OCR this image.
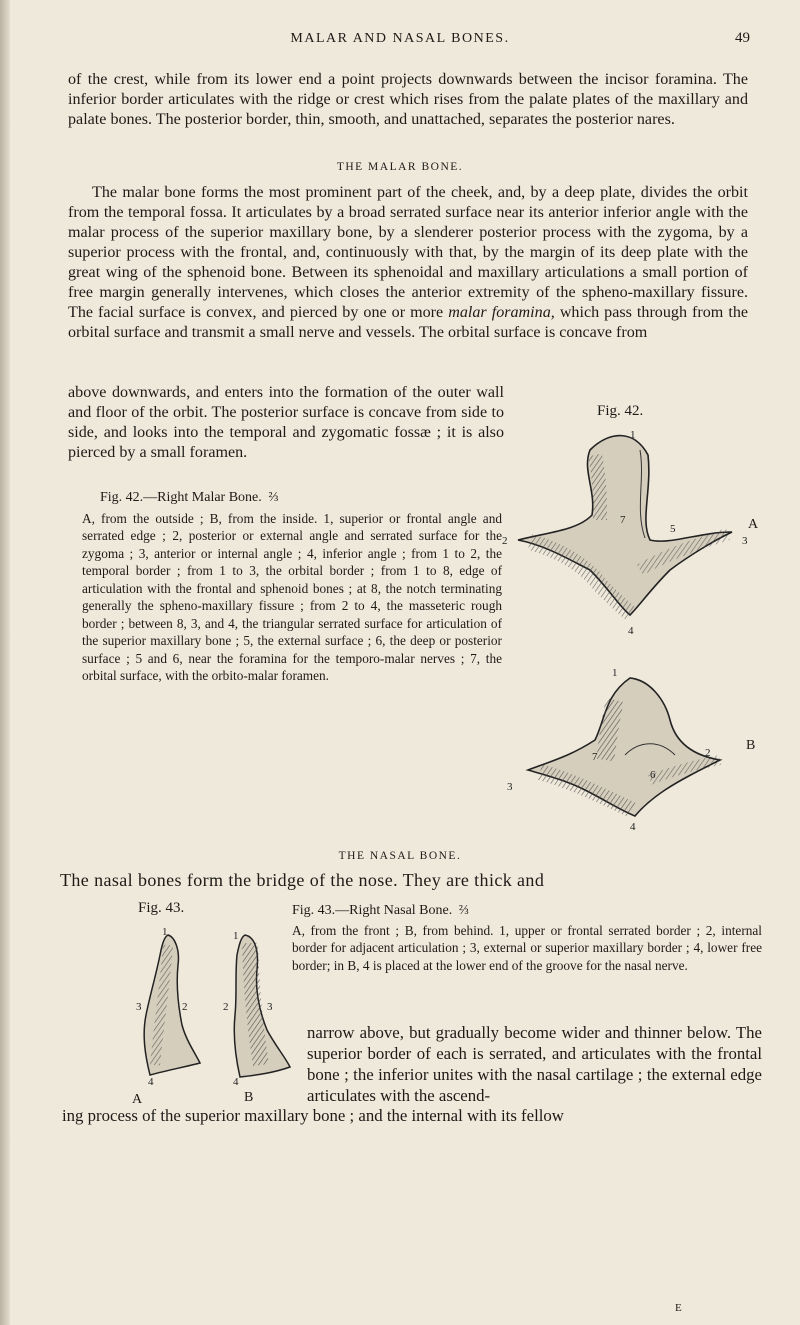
MALAR AND NASAL BONES.	49

of the crest, while from its lower end a point projects downwards between the incisor foramina. The inferior border articulates with the ridge or crest which rises from the palate plates of the maxillary and palate bones. The posterior border, thin, smooth, and unattached, separates the posterior nares.

THE MALAR BONE.

The malar bone forms the most prominent part of the cheek, and, by a deep plate, divides the orbit from the temporal fossa. It articulates by a broad serrated surface near its anterior inferior angle with the malar process of the superior maxillary bone, by a slenderer posterior process with the zygoma, by a superior process with the frontal, and, continuously with that, by the margin of its deep plate with the great wing of the sphenoid bone. Between its sphenoidal and maxillary articulations a small portion of free margin generally intervenes, which closes the anterior extremity of the spheno-maxillary fissure. The facial surface is convex, and pierced by one or more malar foramina, which pass through from the orbital surface and transmit a small nerve and vessels. The orbital surface is concave from

above downwards, and enters into the formation of the outer wall and floor of the orbit. The posterior surface is concave from side to side, and looks into the temporal and zygomatic fossæ ; it is also pierced by a small foramen.

Fig. 42.
Fig. 42.—Right Malar Bone. ⅔

A, from the outside ; B, from the inside. 1, superior or frontal angle and serrated edge ; 2, posterior or external angle and serrated surface for the zygoma ; 3, anterior or internal angle ; 4, inferior angle ; from 1 to 2, the temporal border ; from 1 to 3, the orbital border ; from 1 to 8, edge of articulation with the frontal and sphenoid bones ; at 8, the notch terminating generally the spheno-maxillary fissure ; from 2 to 4, the masseteric rough border ; between 8, 3, and 4, the triangular serrated surface for articulation of the superior maxillary bone ; 5, the external surface ; 6, the deep or posterior surface ; 5 and 6, near the foramina for the temporo-malar nerves ; 7, the orbital surface, with the orbito-malar foramen.

1
2	3
4
5
7	A
1
2
3
4
6
7
B
THE NASAL BONE.
The nasal bones form the bridge of the nose. They are thick and
Fig. 43.
1
2
3
4
A
1
2	3
4
B
Fig. 43.—Right Nasal Bone. ⅔

A, from the front ; B, from behind. 1, upper or frontal serrated border ; 2, internal border for adjacent articulation ; 3, external or superior maxillary border ; 4, lower free border; in B, 4 is placed at the lower end of the groove for the nasal nerve.

narrow above, but gradually become wider and thinner below. The superior border of each is serrated, and articulates with the frontal bone ; the inferior unites with the nasal cartilage ; the external edge articulates with the ascend-

ing process of the superior maxillary bone ; and the internal with its fellow
E
